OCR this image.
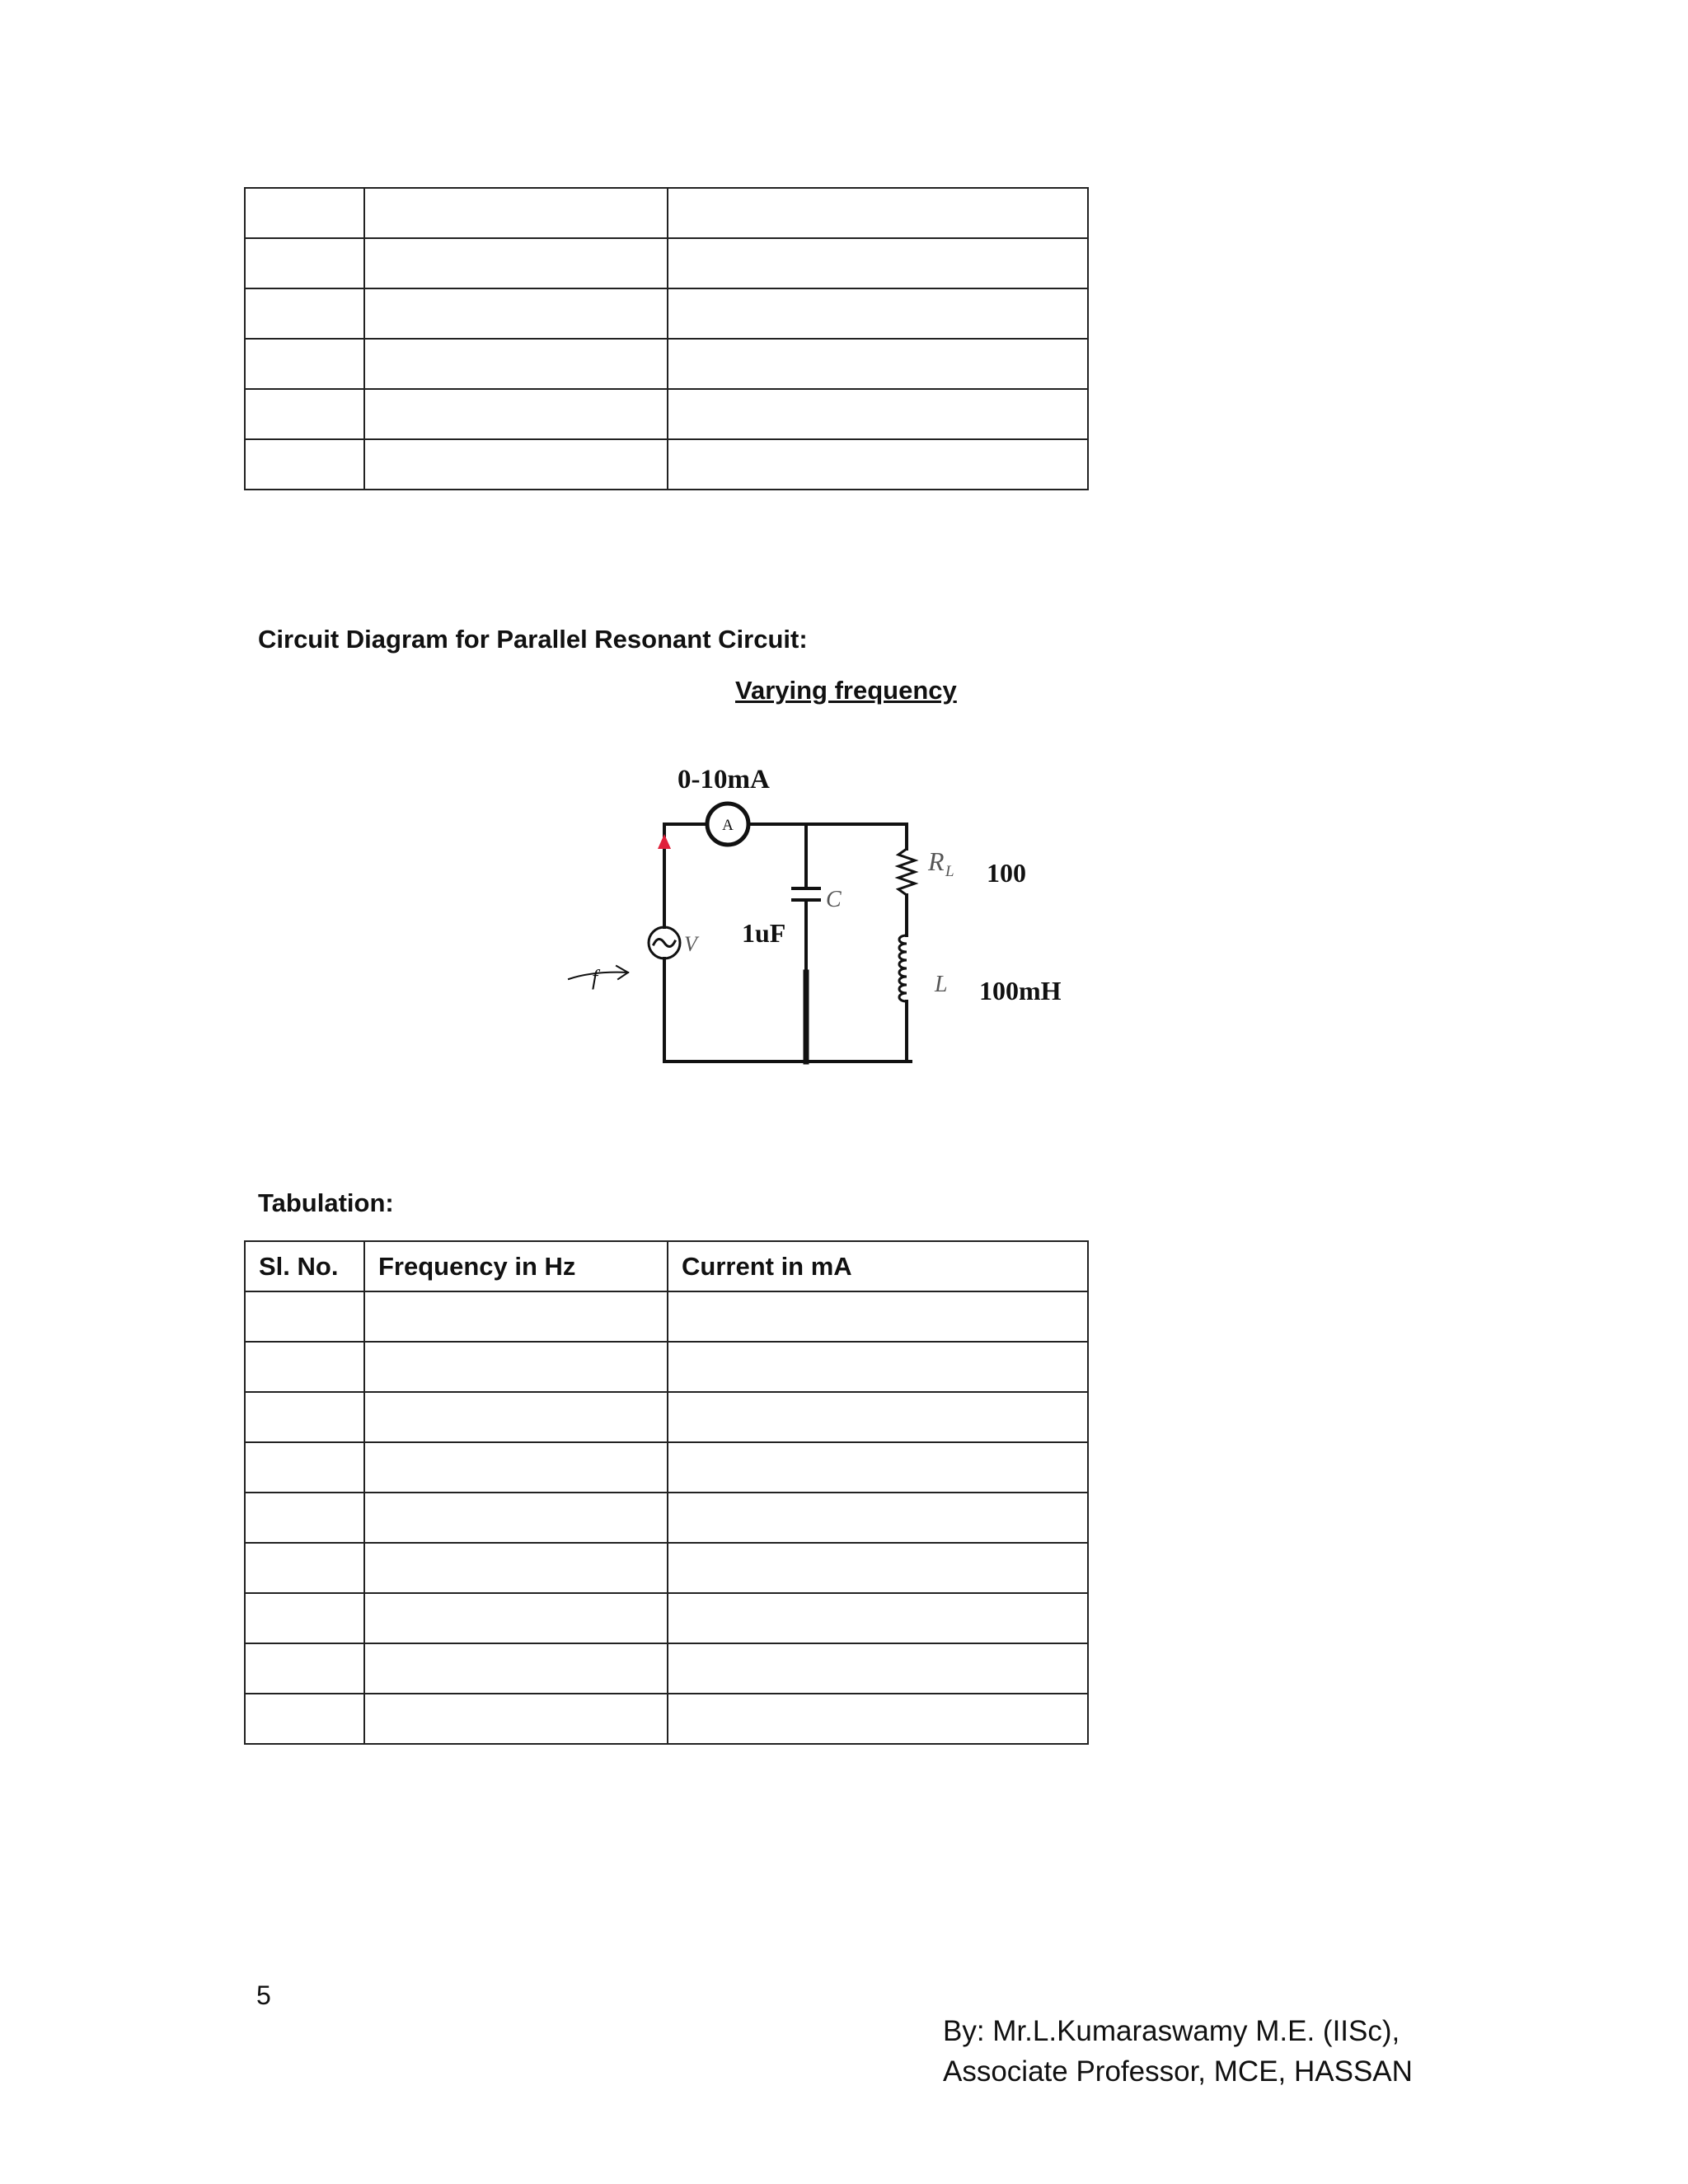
Circuit Diagram for Parallel Resonant Circuit:
Varying frequency
0-10mA
A
V
f
C
1uF
R L 100
L 100mH
Tabulation:
Sl. No.	Frequency in Hz	Current in mA

5
By: Mr.L.Kumaraswamy M.E. (IISc),
Associate Professor, MCE, HASSAN
